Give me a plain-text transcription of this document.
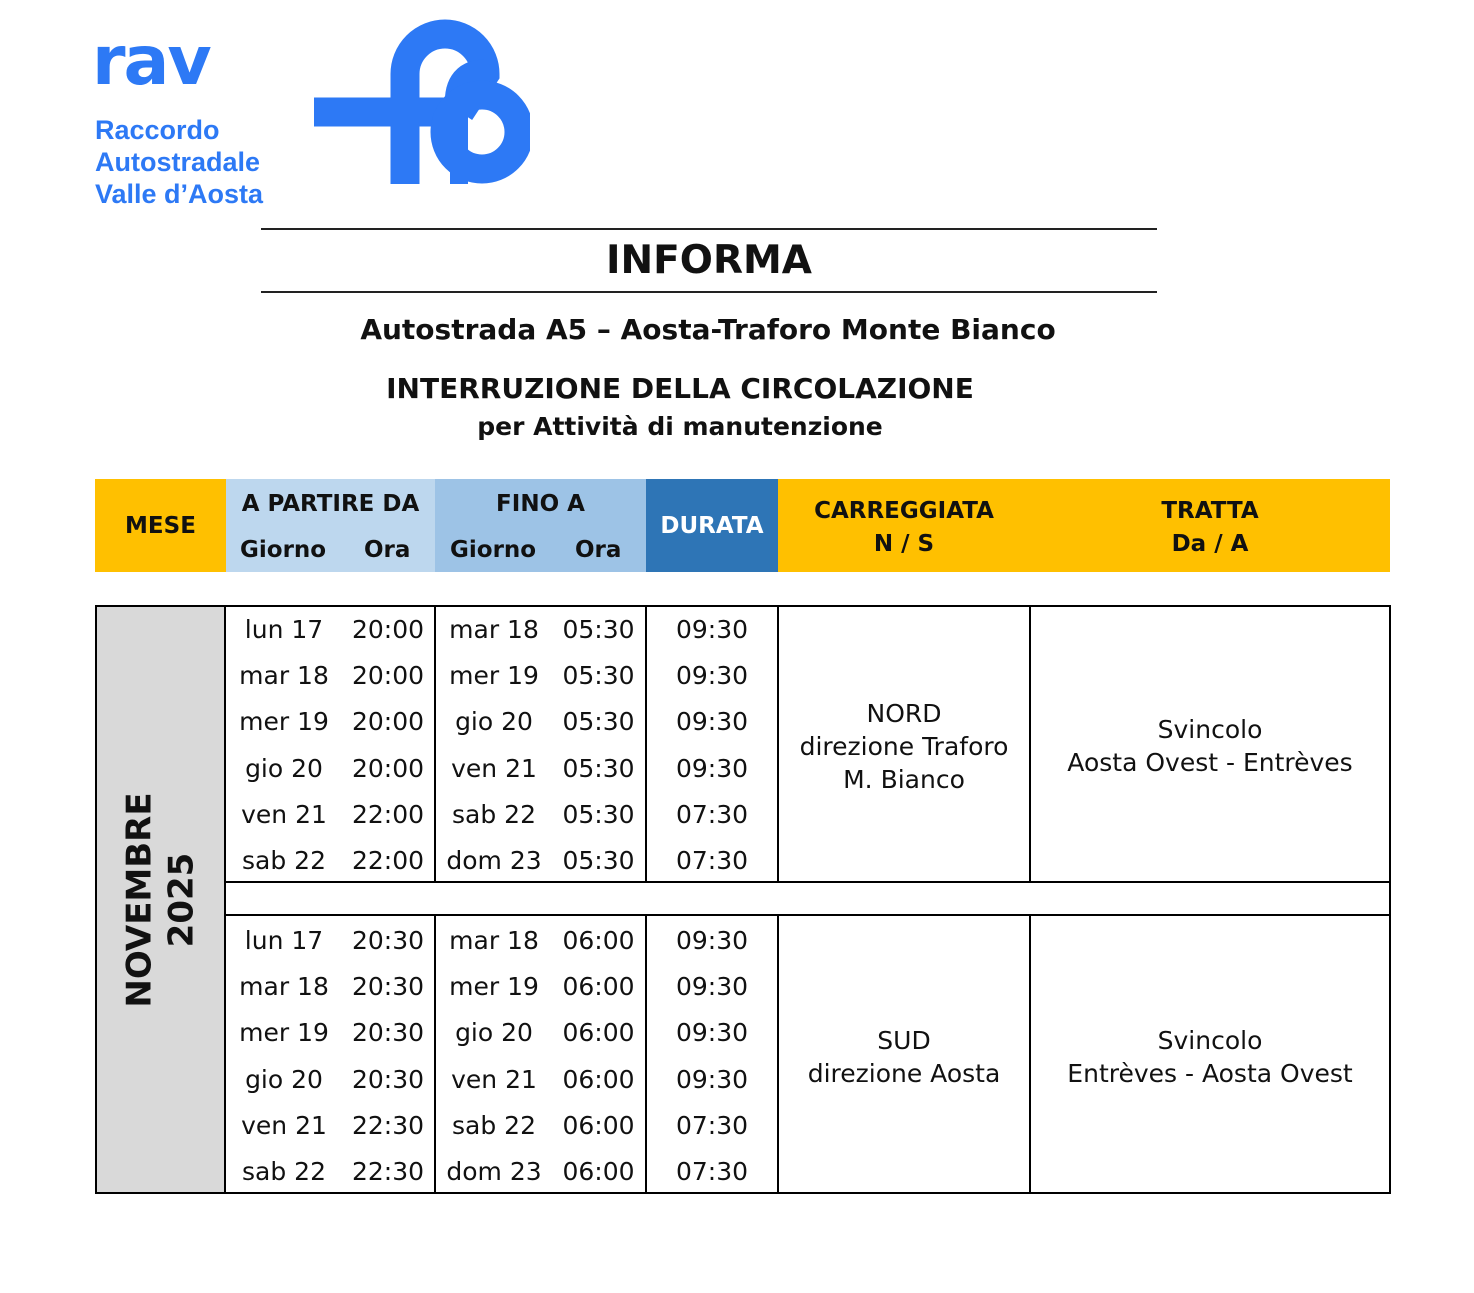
rav
Raccordo
Autostradale
Valle d’Aosta
INFORMA
Autostrada A5 – Aosta-Traforo Monte Bianco
INTERRUZIONE DELLA CIRCOLAZIONE
per Attività di manutenzione
MESE
A PARTIRE DA
Giorno Ora
FINO A
Giorno Ora
DURATA
CARREGGIATA
N / S
TRATTA
Da / A
NOVEMBRE 2025
lun 17	20:00	mar 18 05:30	09:30
mar 18 20:00	mer 19 05:30	09:30
mer 19 20:00	gio 20	05:30	09:30
gio 20	20:00	ven 21	05:30	09:30
ven 21	22:00	sab 22	05:30	07:30
sab 22	22:00 dom 23 05:30	07:30
lun 17	20:30	mar 18 06:00	09:30
mar 18 20:30	mer 19 06:00	09:30
mer 19 20:30	gio 20	06:00	09:30
gio 20	20:30	ven 21	06:00	09:30
ven 21	22:30	sab 22	06:00	07:30
sab 22	22:30 dom 23 06:00	07:30
NORD
direzione Traforo
M. Bianco
Svincolo
Aosta Ovest - Entrèves
SUD
direzione Aosta
Svincolo
Entrèves - Aosta Ovest
